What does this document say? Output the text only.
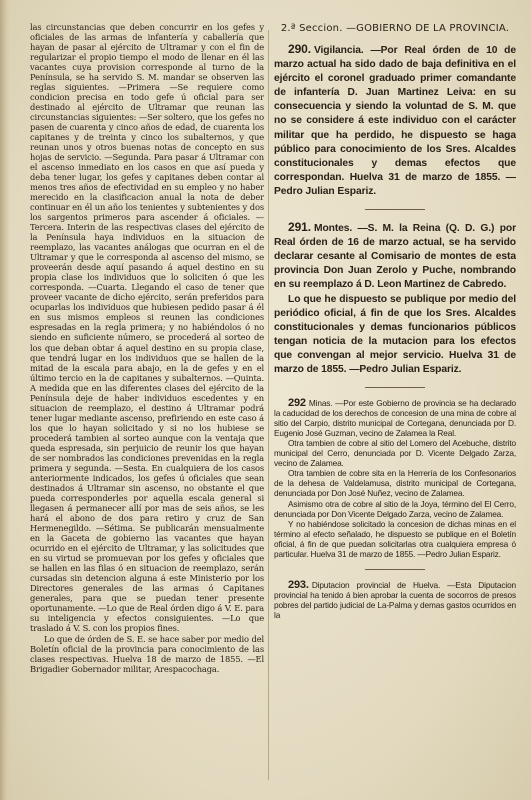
las circunstancias que deben concurrir en los gefes y oficiales de las armas de infantería y caballería que hayan de pasar al ejército de Ultramar y con el fin de regularizar el propio tiempo el modo de llenar en él las vacantes cuya provision corresponde al turno de la Península, se ha servido S. M. mandar se observen las reglas siguientes. —Primera —Se requiere como condicion precisa en todo gefe ú oficial para ser destinado al ejército de Ultramar que reunan las circunstancias siguientes: —Ser soltero, que los gefes no pasen de cuarenta y cinco años de edad, de cuarenta los capitanes y de treinta y cinco los subalternos, y que reunan unos y otros buenas notas de concepto en sus hojas de servicio. —Segunda. Para pasar á Ultramar con el ascenso inmediato en los casos en que así pueda y deba tener lugar, los gefes y capitanes deben contar al menos tres años de efectividad en su empleo y no haber merecido en la clasificacion anual la nota de deber continuar en él un año los tenientes y subtenientes y dos los sargentos primeros para ascender á oficiales. —Tercera. Interin de las respectivas clases del ejército de la Península haya individuos en la situacion de reemplazo, las vacantes análogas que ocurran en el de Ultramar y que le corresponda al ascenso del mismo, se proveerán desde aquí pasando á aquel destino en su propia clase los individuos que lo soliciten ó que les corresponda. —Cuarta. Llegando el caso de tener que proveer vacante de dicho ejército, serán preferidos para ocuparlas los individuos que hubiesen pedido pasar á él en sus mismos empleos si reunen las condiciones espresadas en la regla primera; y no habiéndolos ó no siendo en suficiente número, se procederá al sorteo de los que deban obtar á aquel destino en su propia clase, que tendrá lugar en los individuos que se hallen de la mitad de la escala para abajo, en la de gefes y en el último tercio en la de capitanes y subalternos. —Quinta. A medida que en las diferentes clases del ejército de la Península deje de haber individuos escedentes y en situacion de reemplazo, el destino á Ultramar podrá tener lugar mediante ascenso, prefiriendo en este caso á los que lo hayan solicitado y si no los hubiese se procederá tambien al sorteo aunque con la ventaja que queda espresada, sin perjuicio de reunir los que hayan de ser nombrados las condiciones prevenidas en la regla primera y segunda. —Sesta. En cualquiera de los casos anteriormente indicados, los gefes ú oficiales que sean destinados á Ultramar sin ascenso, no obstante el que pueda corresponderles por aquella escala general si llegasen á permanecer allí por mas de seis años, se les hará el abono de dos para retiro y cruz de San Hermenegildo. —Sétima. Se publicarán mensualmente en la Gaceta de gobierno las vacantes que hayan ocurrido en el ejército de Ultramar, y las solicitudes que en su virtud se promuevan por los gefes y oficiales que se hallen en las filas ó en situacion de reemplazo, serán cursadas sin detencion alguna á este Ministerio por los Directores generales de las armas ó Capitanes generales, para que se puedan tener presente oportunamente. —Lo que de Real órden digo á V. E. para su inteligencia y efectos consiguientes. —Lo que traslado á V. S. con los propios fines.

Lo que de órden de S. E. se hace saber por medio del Boletín oficial de la provincia para conocimiento de las clases respectivas. Huelva 18 de marzo de 1855. —El Brigadier Gobernador militar, Arespacochaga.

2.ª Seccion. —GOBIERNO DE LA PROVINCIA.

290. Vigilancia. —Por Real órden de 10 de marzo actual ha sido dado de baja definitiva en el ejército el coronel graduado primer comandante de infantería D. Juan Martinez Leiva: en su consecuencia y siendo la voluntad de S. M. que no se considere á este individuo con el carácter militar que ha perdido, he dispuesto se haga público para conocimiento de los Sres. Alcaldes constitucionales y demas efectos que correspondan. Huelva 31 de marzo de 1855. —Pedro Julian Espariz.

291. Montes. —S. M. la Reina (Q. D. G.) por Real órden de 16 de marzo actual, se ha servido declarar cesante al Comisario de montes de esta provincia Don Juan Zerolo y Puche, nombrando en su reemplazo á D. Leon Martinez de Cabredo.

Lo que he dispuesto se publique por medio del periódico oficial, á fin de que los Sres. Alcaldes constitucionales y demas funcionarios públicos tengan noticia de la mutacion para los efectos que convengan al mejor servicio. Huelva 31 de marzo de 1855. —Pedro Julian Espariz.

292 Minas. —Por este Gobierno de provincia se ha declarado la caducidad de los derechos de concesion de una mina de cobre al sitio del Carpio, distrito municipal de Cortegana, denunciada por D. Eugenio José Guzman, vecino de Zalamea la Real.

Otra tambien de cobre al sitio del Lomero del Acebuche, distrito municipal del Cerro, denunciada por D. Vicente Delgado Zarza, vecino de Zalamea.

Otra tambien de cobre sita en la Herrería de los Confesonarios de la dehesa de Valdelamusa, distrito municipal de Cortegana, denunciada por Don José Nuñez, vecino de Zalamea.

Asimismo otra de cobre al sitio de la Joya, término del El Cerro, denunciada por Don Vicente Delgado Zarza, vecino de Zalamea.

Y no habiéndose solicitado la concesion de dichas minas en el término al efecto señalado, he dispuesto se publique en el Boletín oficial, á fin de que puedan solicitarlas otra cualquiera empresa ó particular. Huelva 31 de marzo de 1855. —Pedro Julian Espariz.

293. Diputacion provincial de Huelva. —Esta Diputacion provincial ha tenido á bien aprobar la cuenta de socorros de presos pobres del partido judicial de La-Palma y demas gastos ocurridos en la
